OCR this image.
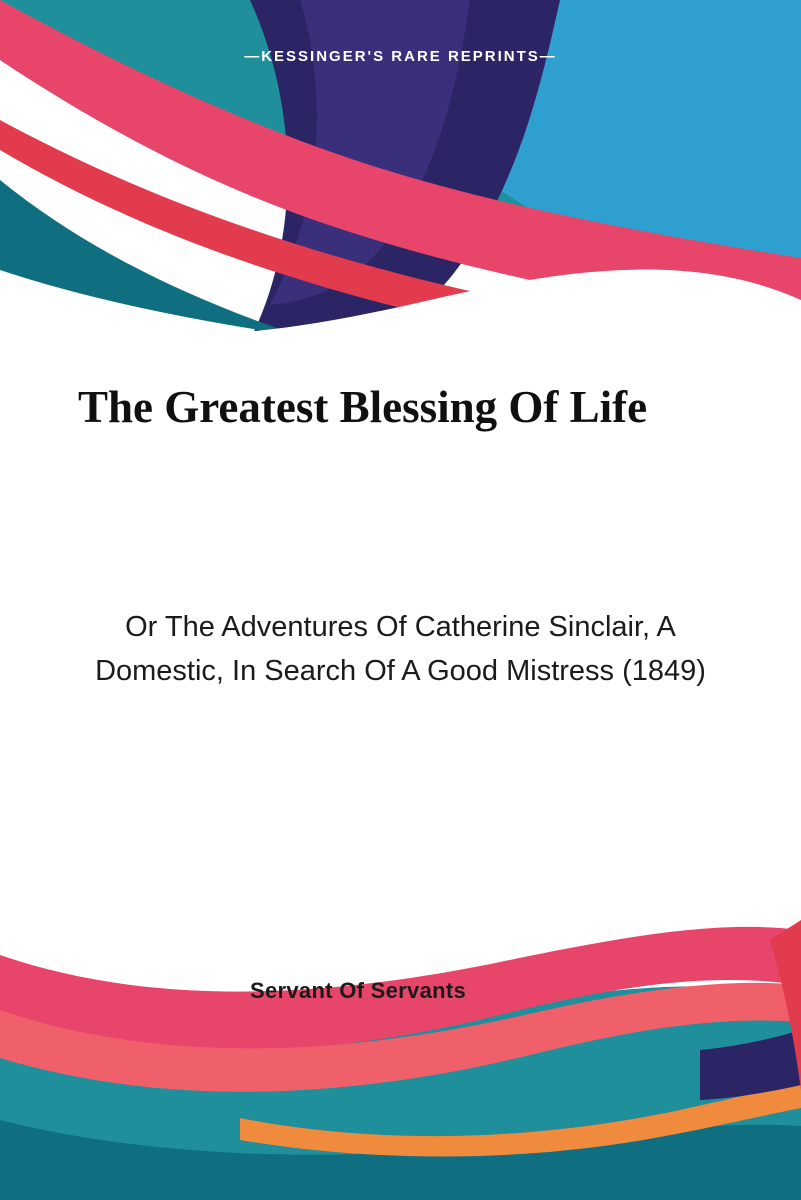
—KESSINGER'S RARE REPRINTS—
The Greatest Blessing Of Life
Or The Adventures Of Catherine Sinclair, A Domestic, In Search Of A Good Mistress (1849)
Servant Of Servants
